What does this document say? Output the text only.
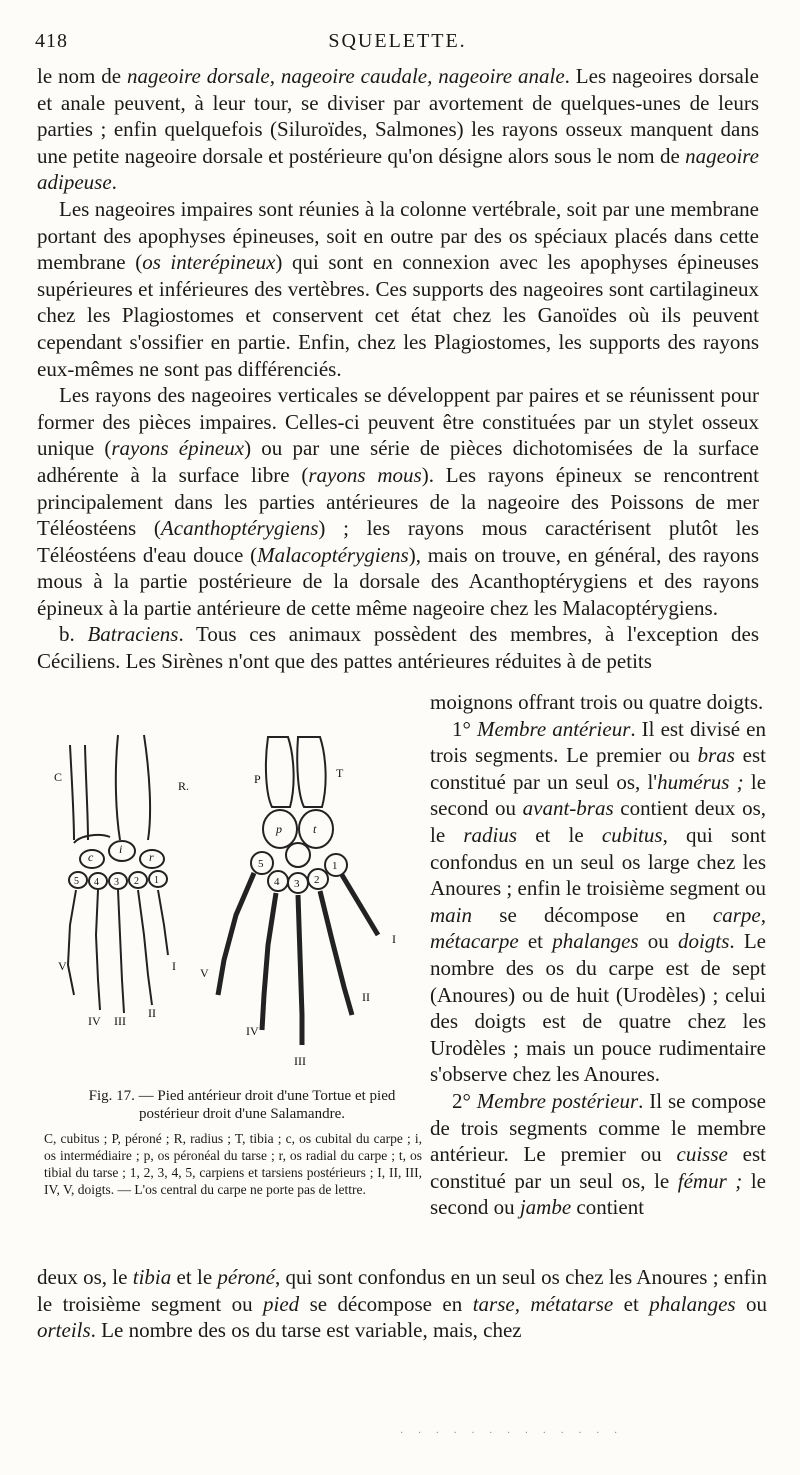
418	SQUELETTE.

le nom de nageoire dorsale, nageoire caudale, nageoire anale. Les nageoires dorsale et anale peuvent, à leur tour, se diviser par avortement de quelques-unes de leurs parties ; enfin quelquefois (Siluroïdes, Salmones) les rayons osseux manquent dans une petite nageoire dorsale et postérieure qu'on désigne alors sous le nom de nageoire adipeuse.

Les nageoires impaires sont réunies à la colonne vertébrale, soit par une membrane portant des apophyses épineuses, soit en outre par des os spéciaux placés dans cette membrane (os interépineux) qui sont en connexion avec les apophyses épineuses supérieures et inférieures des vertèbres. Ces supports des nageoires sont cartilagineux chez les Plagiostomes et conservent cet état chez les Ganoïdes où ils peuvent cependant s'ossifier en partie. Enfin, chez les Plagiostomes, les supports des rayons eux-mêmes ne sont pas différenciés.

Les rayons des nageoires verticales se développent par paires et se réunissent pour former des pièces impaires. Celles-ci peuvent être constituées par un stylet osseux unique (rayons épineux) ou par une série de pièces dichotomisées de la surface adhérente à la surface libre (rayons mous). Les rayons épineux se rencontrent principalement dans les parties antérieures de la nageoire des Poissons de mer Téléostéens (Acanthoptérygiens) ; les rayons mous caractérisent plutôt les Téléostéens d'eau douce (Malacoptérygiens), mais on trouve, en général, des rayons mous à la partie postérieure de la dorsale des Acanthoptérygiens et des rayons épineux à la partie antérieure de cette même nageoire chez les Malacoptérygiens.

b. Batraciens. Tous ces animaux possèdent des membres, à l'exception des Céciliens. Les Sirènes n'ont que des pattes antérieures réduites à de petits

moignons offrant trois ou quatre doigts.

1° Membre antérieur. Il est divisé en trois segments. Le premier ou bras est constitué par un seul os, l'humérus ; le second ou avant-bras contient deux os, le radius et le cubitus, qui sont confondus en un seul os large chez les Anoures ; enfin le troisième segment ou main se décompose en carpe, métacarpe et phalanges ou doigts. Le nombre des os du carpe est de sept (Anoures) ou de huit (Urodèles) ; celui des doigts est de quatre chez les Urodèles ; mais un pouce rudimentaire s'observe chez les Anoures.

2° Membre postérieur. Il se compose de trois segments comme le membre antérieur. Le premier ou cuisse est constitué par un seul os, le fémur ; le second ou jambe contient

C
R.
c
i
r
5 4 3 2 1
I
II
III
IV
V
P	T
p	t
5
4 3 2
1
I
II
III
IV
V
Fig. 17. — Pied antérieur droit d'une Tortue et pied postérieur droit d'une Salamandre.
C, cubitus ; P, péroné ; R, radius ; T, tibia ; c, os cubital du carpe ; i, os intermédiaire ; p, os péronéal du tarse ; r, os radial du carpe ; t, os tibial du tarse ; 1, 2, 3, 4, 5, carpiens et tarsiens postérieurs ; I, II, III, IV, V, doigts. — L'os central du carpe ne porte pas de lettre.

deux os, le tibia et le péroné, qui sont confondus en un seul os chez les Anoures ; enfin le troisième segment ou pied se décompose en tarse, métatarse et phalanges ou orteils. Le nombre des os du tarse est variable, mais, chez

· · · · · · · · · · · · ·
